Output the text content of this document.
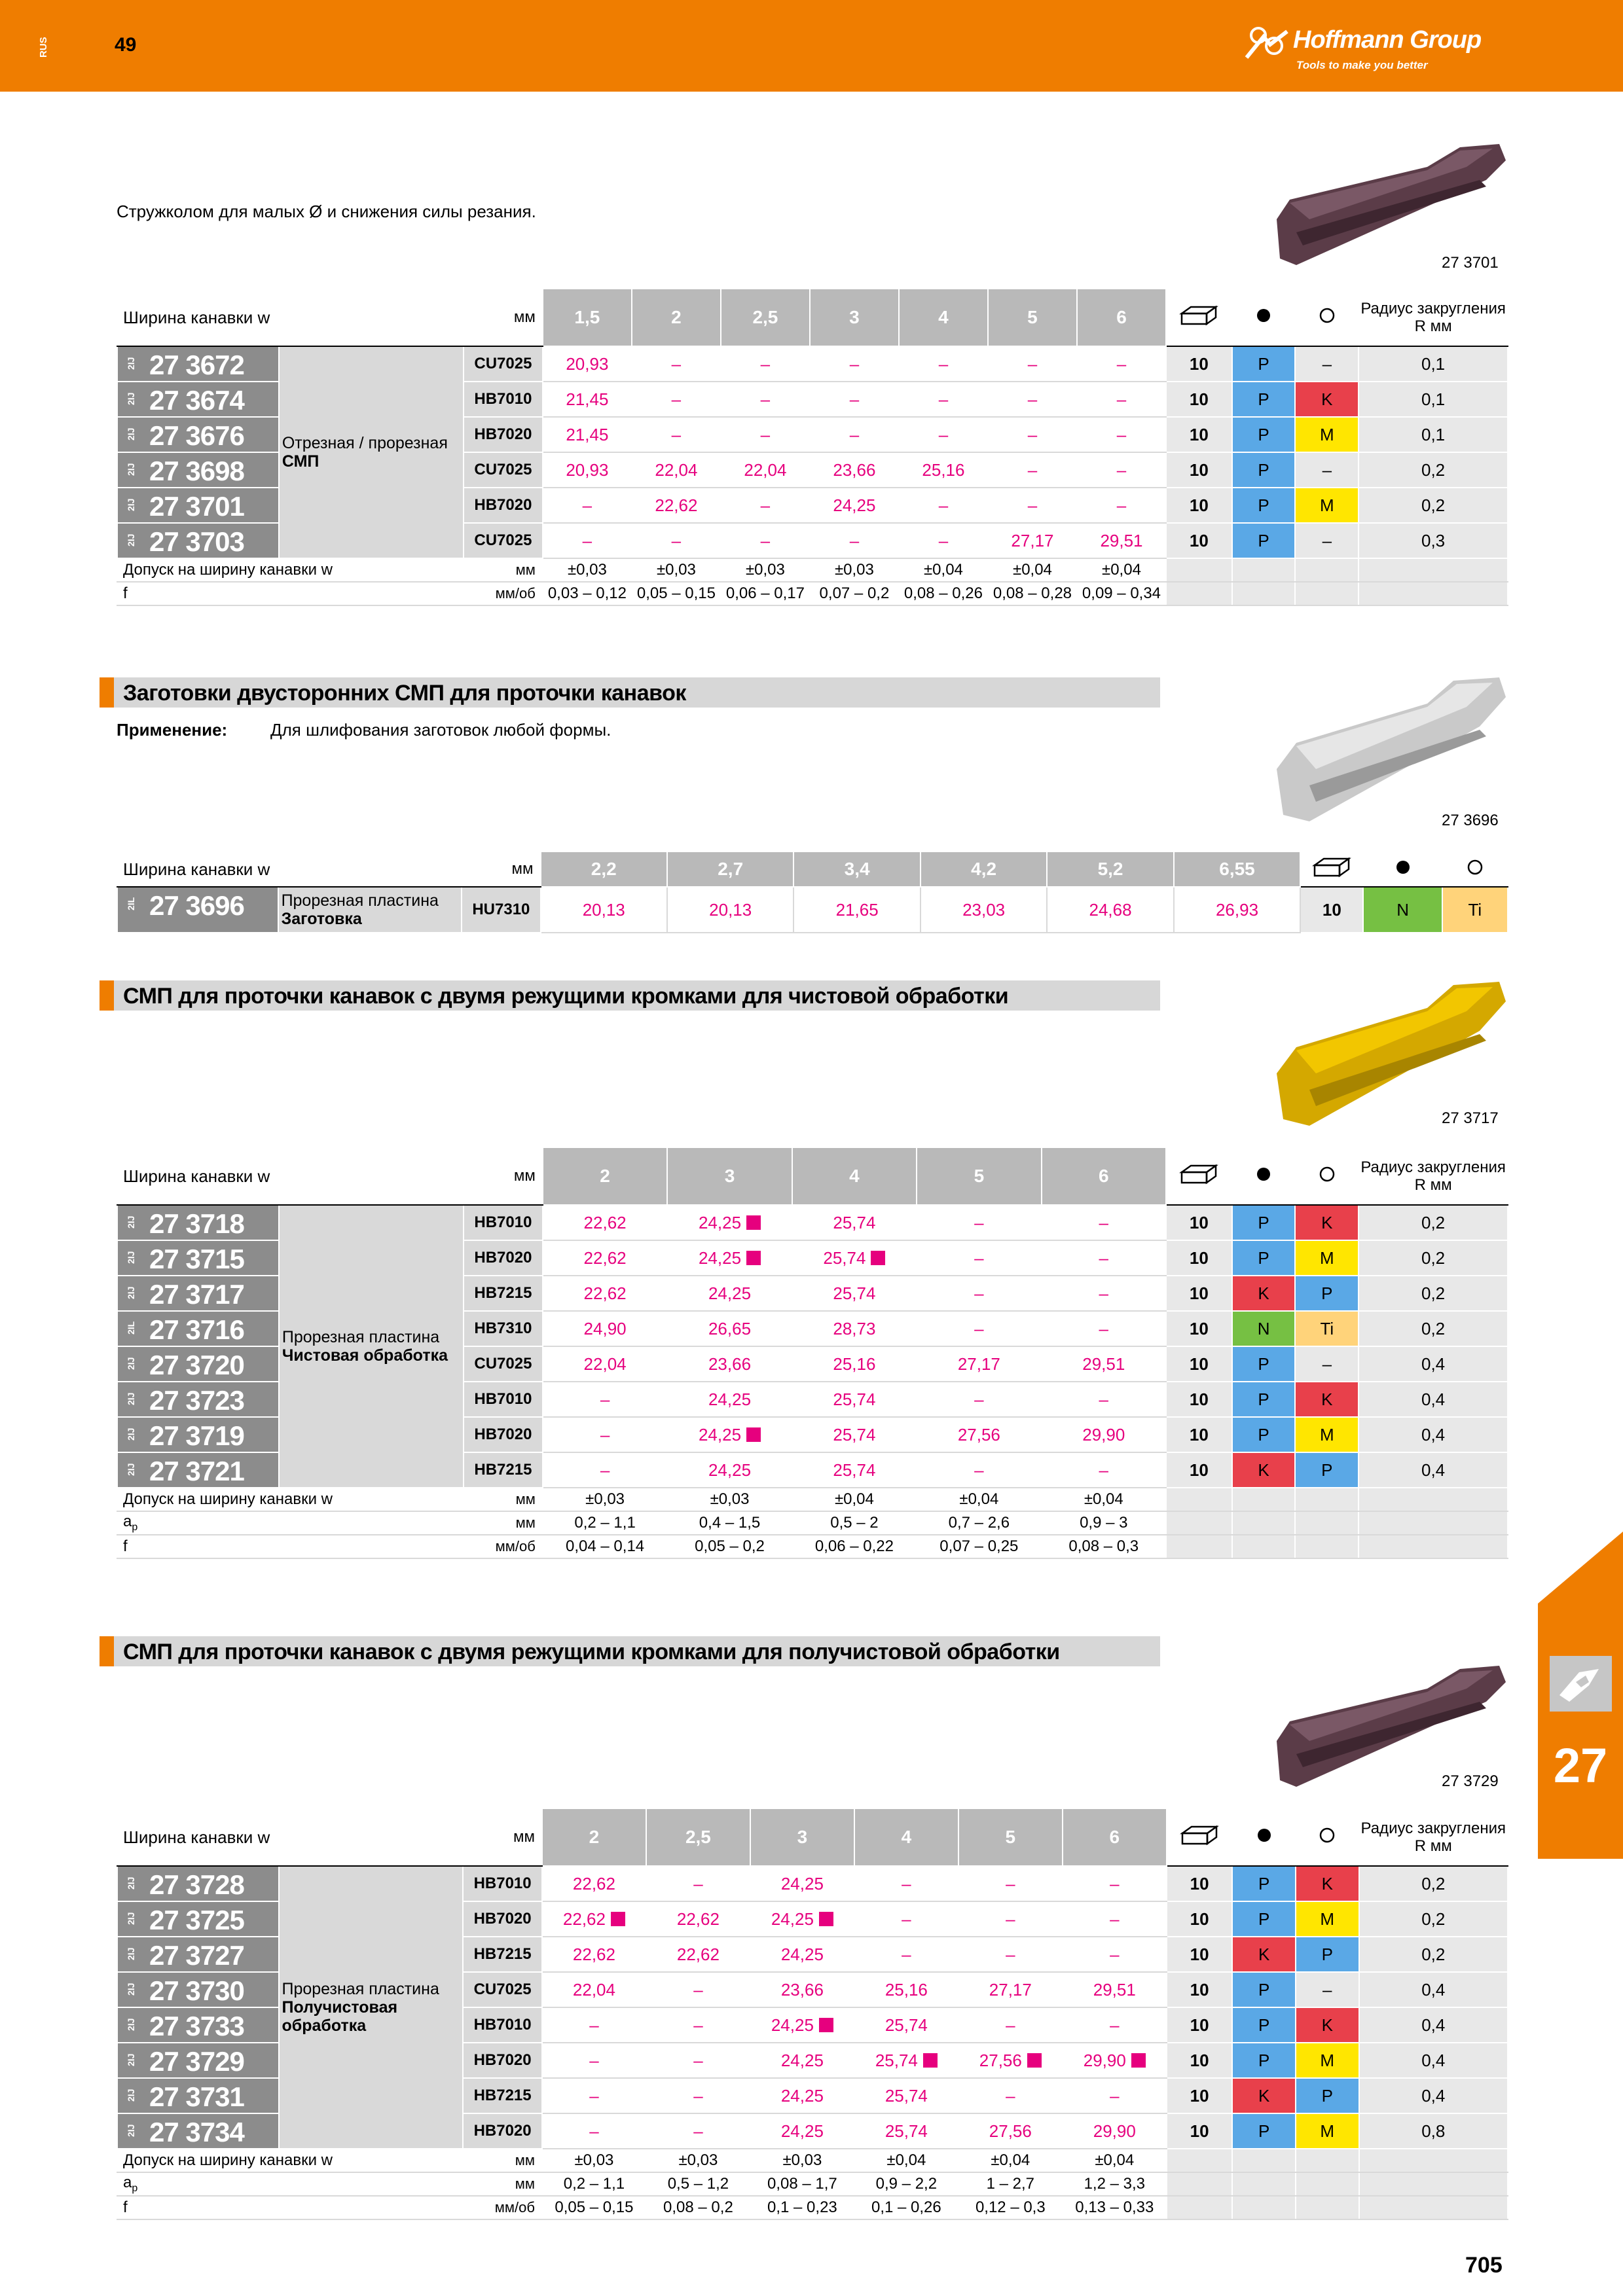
RUS	49	Hoffmann Group
Tools to make you better
Стружколом для малых Ø и снижения силы резания.
27 3701
Ширина канавки w		мм	1,5	2	2,5	3	4	5	6				Радиус закругления R мм

2IJ 27 3672	Отрезная / прорезная
СМП	CU7025	20,93	–	–	–	–	–	–	10	P	–	0,1

2IJ 27 3674		HB7010	21,45	–	–	–	–	–	–	10	P	K	0,1

2IJ 27 3676		HB7020	21,45	–	–	–	–	–	–	10	P	M	0,1

2IJ 27 3698		CU7025	20,93	22,04	22,04	23,66	25,16	–	–	10	P	–	0,2

2IJ 27 3701		HB7020	–	22,62	–	24,25	–	–	–	10	P	M	0,2

2IJ 27 3703		CU7025	–	–	–	–	–	27,17	29,51	10	P	–	0,3
Допуск на ширину канавки w		мм	±0,03	±0,03	±0,03	±0,03	±0,04	±0,04	±0,04				
f		мм/об	0,03 – 0,12	0,05 – 0,15	0,06 – 0,17	0,07 – 0,2	0,08 – 0,26	0,08 – 0,28	0,09 – 0,34				
Заготовки двусторонних СМП для проточки канавок
Применение:	Для шлифования заготовок любой формы.
27 3696
Ширина канавки w		мм	2,2	2,7	3,4	4,2	5,2	6,55			

2IL 27 3696	Прорезная пластина
Заготовка	HU7310	20,13	20,13	21,65	23,03	24,68	26,93	10	N	Ti
СМП для проточки канавок с двумя режущими кромками для чистовой обработки
27 3717
Ширина канавки w		мм	2	3	4	5	6				Радиус закругления R мм

2IJ 27 3718	Прорезная пластина
Чистовая обработка	HB7010	22,62	24,25	25,74	–	–	10	P	K	0,2

2IJ 27 3715		HB7020	22,62	24,25	25,74	–	–	10	P	M	0,2

2IJ 27 3717		HB7215	22,62	24,25	25,74	–	–	10	K	P	0,2

2IL 27 3716		HB7310	24,90	26,65	28,73	–	–	10	N	Ti	0,2

2IJ 27 3720		CU7025	22,04	23,66	25,16	27,17	29,51	10	P	–	0,4

2IJ 27 3723		HB7010	–	24,25	25,74	–	–	10	P	K	0,4

2IJ 27 3719		HB7020	–	24,25	25,74	27,56	29,90	10	P	M	0,4

2IJ 27 3721		HB7215	–	24,25	25,74	–	–	10	K	P	0,4
Допуск на ширину канавки w		мм	±0,03	±0,03	±0,04	±0,04	±0,04				
$a_p$		мм	0,2 – 1,1	0,4 – 1,5	0,5 – 2	0,7 – 2,6	0,9 – 3				
f		мм/об	0,04 – 0,14	0,05 – 0,2	0,06 – 0,22	0,07 – 0,25	0,08 – 0,3				
СМП для проточки канавок с двумя режущими кромками для получистовой обработки
27 3729
Ширина канавки w		мм	2	2,5	3	4	5	6				Радиус закругления R мм

2IJ 27 3728	Прорезная пластина
Получистовая обработка	HB7010	22,62	–	24,25	–	–	–	10	P	K	0,2

2IJ 27 3725		HB7020	22,62	22,62	24,25	–	–	–	10	P	M	0,2

2IJ 27 3727		HB7215	22,62	22,62	24,25	–	–	–	10	K	P	0,2

2IJ 27 3730		CU7025	22,04	–	23,66	25,16	27,17	29,51	10	P	–	0,4

2IJ 27 3733		HB7010	–	–	24,25	25,74	–	–	10	P	K	0,4

2IJ 27 3729		HB7020	–	–	24,25	25,74	27,56	29,90	10	P	M	0,4

2IJ 27 3731		HB7215	–	–	24,25	25,74	–	–	10	K	P	0,4

2IJ 27 3734		HB7020	–	–	24,25	25,74	27,56	29,90	10	P	M	0,8
Допуск на ширину канавки w		мм	±0,03	±0,03	±0,03	±0,04	±0,04	±0,04				
$a_p$		мм	0,2 – 1,1	0,5 – 1,2	0,08 – 1,7	0,9 – 2,2	1 – 2,7	1,2 – 3,3				
f		мм/об	0,05 – 0,15	0,08 – 0,2	0,1 – 0,23	0,1 – 0,26	0,12 – 0,3	0,13 – 0,33				
27
705
